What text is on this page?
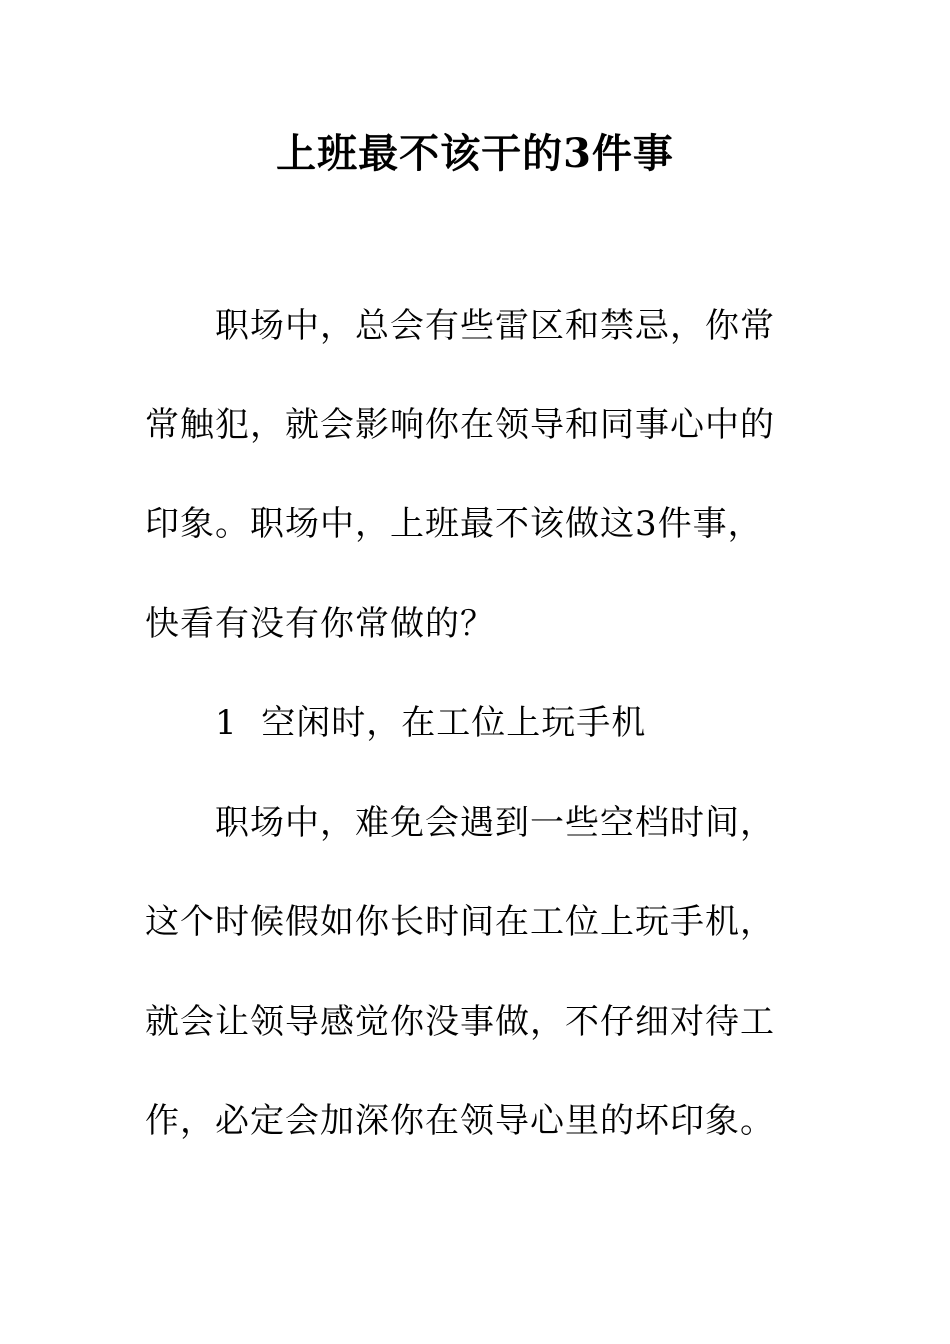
上班最不该干的3件事
职场中，总会有些雷区和禁忌，你常
常触犯，就会影响你在领导和同事心中的
印象。职场中，上班最不该做这3件事，
快看有没有你常做的？
1  空闲时，在工位上玩手机
职场中，难免会遇到一些空档时间，
这个时候假如你长时间在工位上玩手机，
就会让领导感觉你没事做，不仔细对待工
作，必定会加深你在领导心里的坏印象。
